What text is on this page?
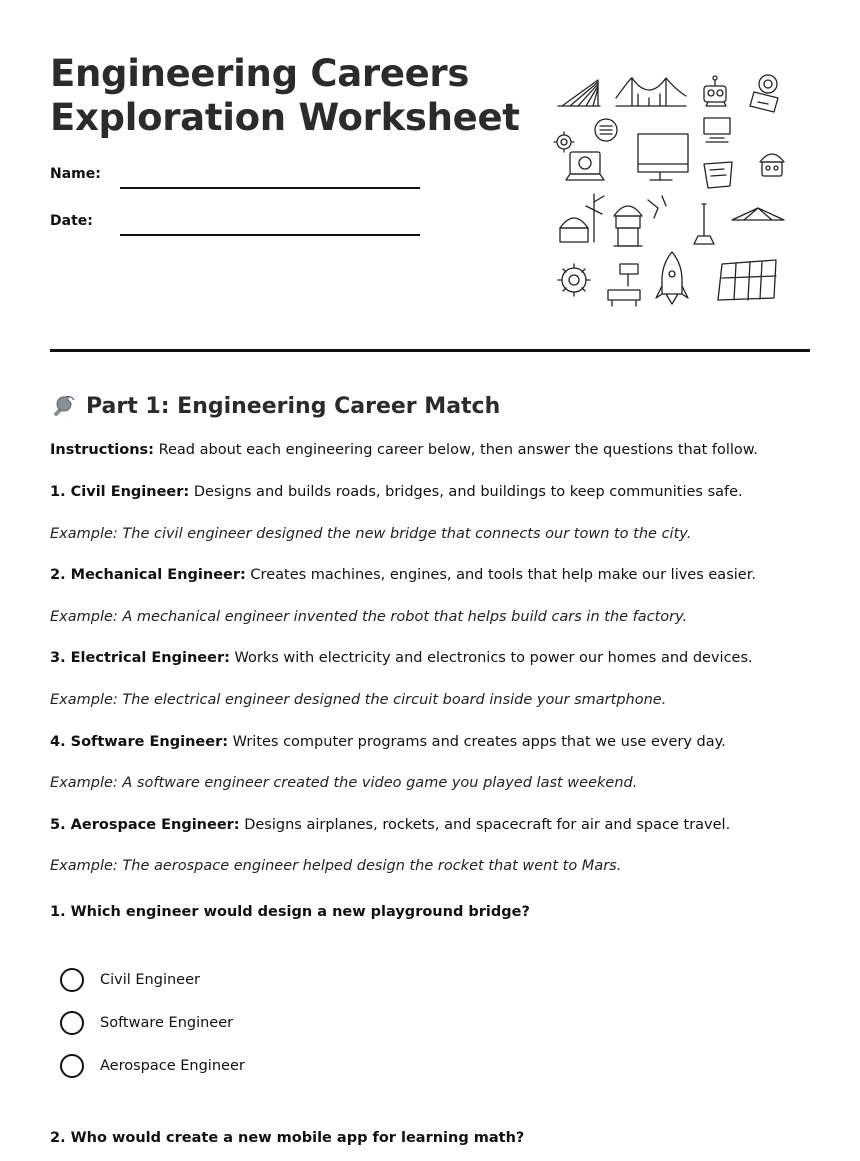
Engineering Careers
Exploration Worksheet
Name:
Date:
Part 1: Engineering Career Match
Instructions: Read about each engineering career below, then answer the questions that follow.
1. Civil Engineer: Designs and builds roads, bridges, and buildings to keep communities safe.
Example: The civil engineer designed the new bridge that connects our town to the city.
2. Mechanical Engineer: Creates machines, engines, and tools that help make our lives easier.
Example: A mechanical engineer invented the robot that helps build cars in the factory.
3. Electrical Engineer: Works with electricity and electronics to power our homes and devices.
Example: The electrical engineer designed the circuit board inside your smartphone.
4. Software Engineer: Writes computer programs and creates apps that we use every day.
Example: A software engineer created the video game you played last weekend.
5. Aerospace Engineer: Designs airplanes, rockets, and spacecraft for air and space travel.
Example: The aerospace engineer helped design the rocket that went to Mars.
1. Which engineer would design a new playground bridge?
Civil Engineer
Software Engineer
Aerospace Engineer
2. Who would create a new mobile app for learning math?
